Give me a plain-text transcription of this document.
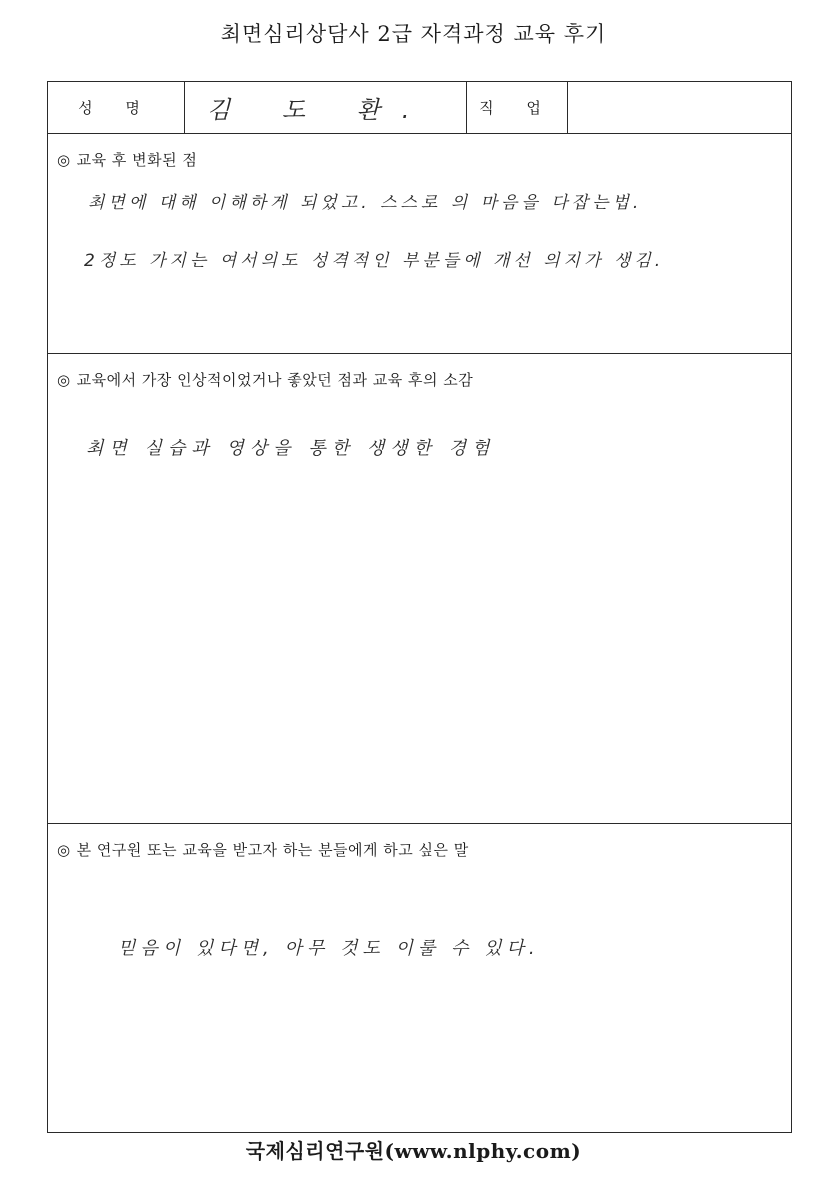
최면심리상담사 2급 자격과정 교육 후기
성 명	김 도 환.	직 업
◎ 교육 후 변화된 점
최면에 대해 이해하게 되었고. 스스로 의 마음을 다잡는법.
2정도 가지는 여서의도 성격적인 부분들에 개선 의지가 생김.
◎ 교육에서 가장 인상적이었거나 좋았던 점과 교육 후의 소감
최면 실습과 영상을 통한 생생한 경험
◎ 본 연구원 또는 교육을 받고자 하는 분들에게 하고 싶은 말
믿음이 있다면, 아무 것도 이룰 수 있다.
국제심리연구원(www.nlphy.com)
